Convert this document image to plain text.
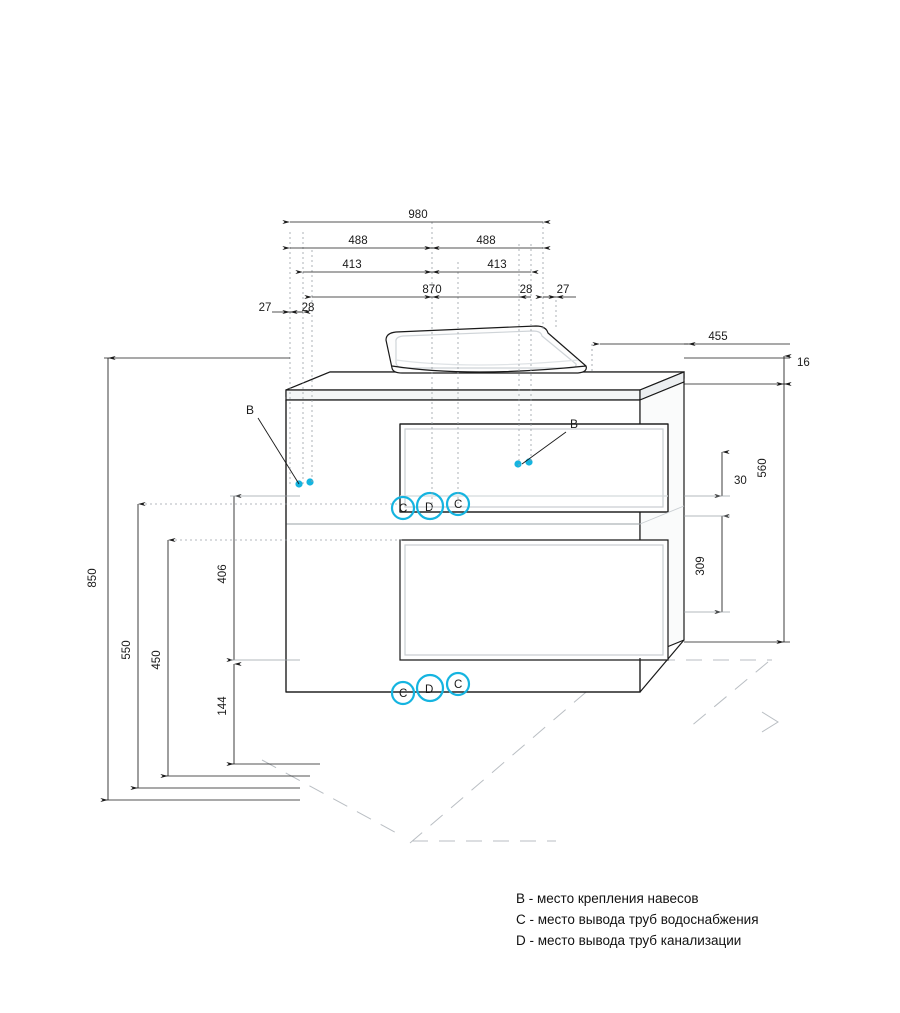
C D C
C D C
B
B
980
488	488
413	413
870
28
28
27
27
455
16
560
30
309
850
550
450
406
144
B - место крепления навесов
C - место вывода труб водоснабжения
D - место вывода труб канализации
